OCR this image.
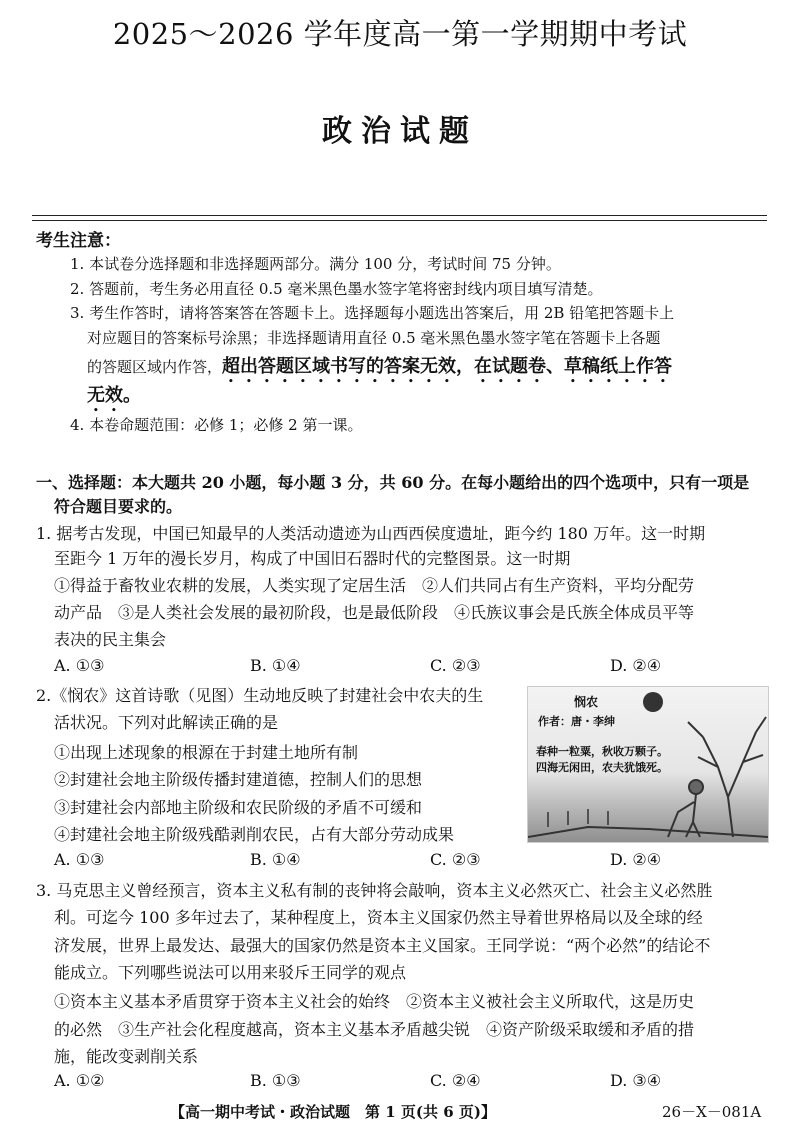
2025～2026 学年度高一第一学期期中考试
政治试题
考生注意：
1. 本试卷分选择题和非选择题两部分。满分 100 分，考试时间 75 分钟。
2. 答题前，考生务必用直径 0.5 毫米黑色墨水签字笔将密封线内项目填写清楚。
3. 考生作答时，请将答案答在答题卡上。选择题每小题选出答案后，用 2B 铅笔把答题卡上
对应题目的答案标号涂黑；非选择题请用直径 0.5 毫米黑色墨水签字笔在答题卡上各题
的答题区域内作答，超出答题区域书写的答案无效，在试题卷、草稿纸上作答
无效。
4. 本卷命题范围：必修 1；必修 2 第一课。
一、选择题：本大题共 20 小题，每小题 3 分，共 60 分。在每小题给出的四个选项中，只有一项是
符合题目要求的。
1. 据考古发现，中国已知最早的人类活动遗迹为山西西侯度遗址，距今约 180 万年。这一时期
至距今 1 万年的漫长岁月，构成了中国旧石器时代的完整图景。这一时期
①得益于畜牧业农耕的发展，人类实现了定居生活　②人们共同占有生产资料，平均分配劳
动产品　③是人类社会发展的最初阶段，也是最低阶段　④氏族议事会是氏族全体成员平等
表决的民主集会
A. ①③	B. ①④	C. ②③	D. ②④
2.《悯农》这首诗歌（见图）生动地反映了封建社会中农夫的生
活状况。下列对此解读正确的是
①出现上述现象的根源在于封建土地所有制
②封建社会地主阶级传播封建道德，控制人们的思想
③封建社会内部地主阶级和农民阶级的矛盾不可缓和
④封建社会地主阶级残酷剥削农民，占有大部分劳动成果
悯农
作者：唐・李绅
春种一粒粟，秋收万颗子。
四海无闲田，农夫犹饿死。
A. ①③	B. ①④	C. ②③	D. ②④
3. 马克思主义曾经预言，资本主义私有制的丧钟将会敲响，资本主义必然灭亡、社会主义必然胜
利。可迄今 100 多年过去了，某种程度上，资本主义国家仍然主导着世界格局以及全球的经
济发展，世界上最发达、最强大的国家仍然是资本主义国家。王同学说：“两个必然”的结论不
能成立。下列哪些说法可以用来驳斥王同学的观点
①资本主义基本矛盾贯穿于资本主义社会的始终　②资本主义被社会主义所取代，这是历史
的必然　③生产社会化程度越高，资本主义基本矛盾越尖锐　④资产阶级采取缓和矛盾的措
施，能改变剥削关系
A. ①②	B. ①③	C. ②④	D. ③④
【高一期中考试・政治试题　第 1 页(共 6 页)】	26－X－081A
